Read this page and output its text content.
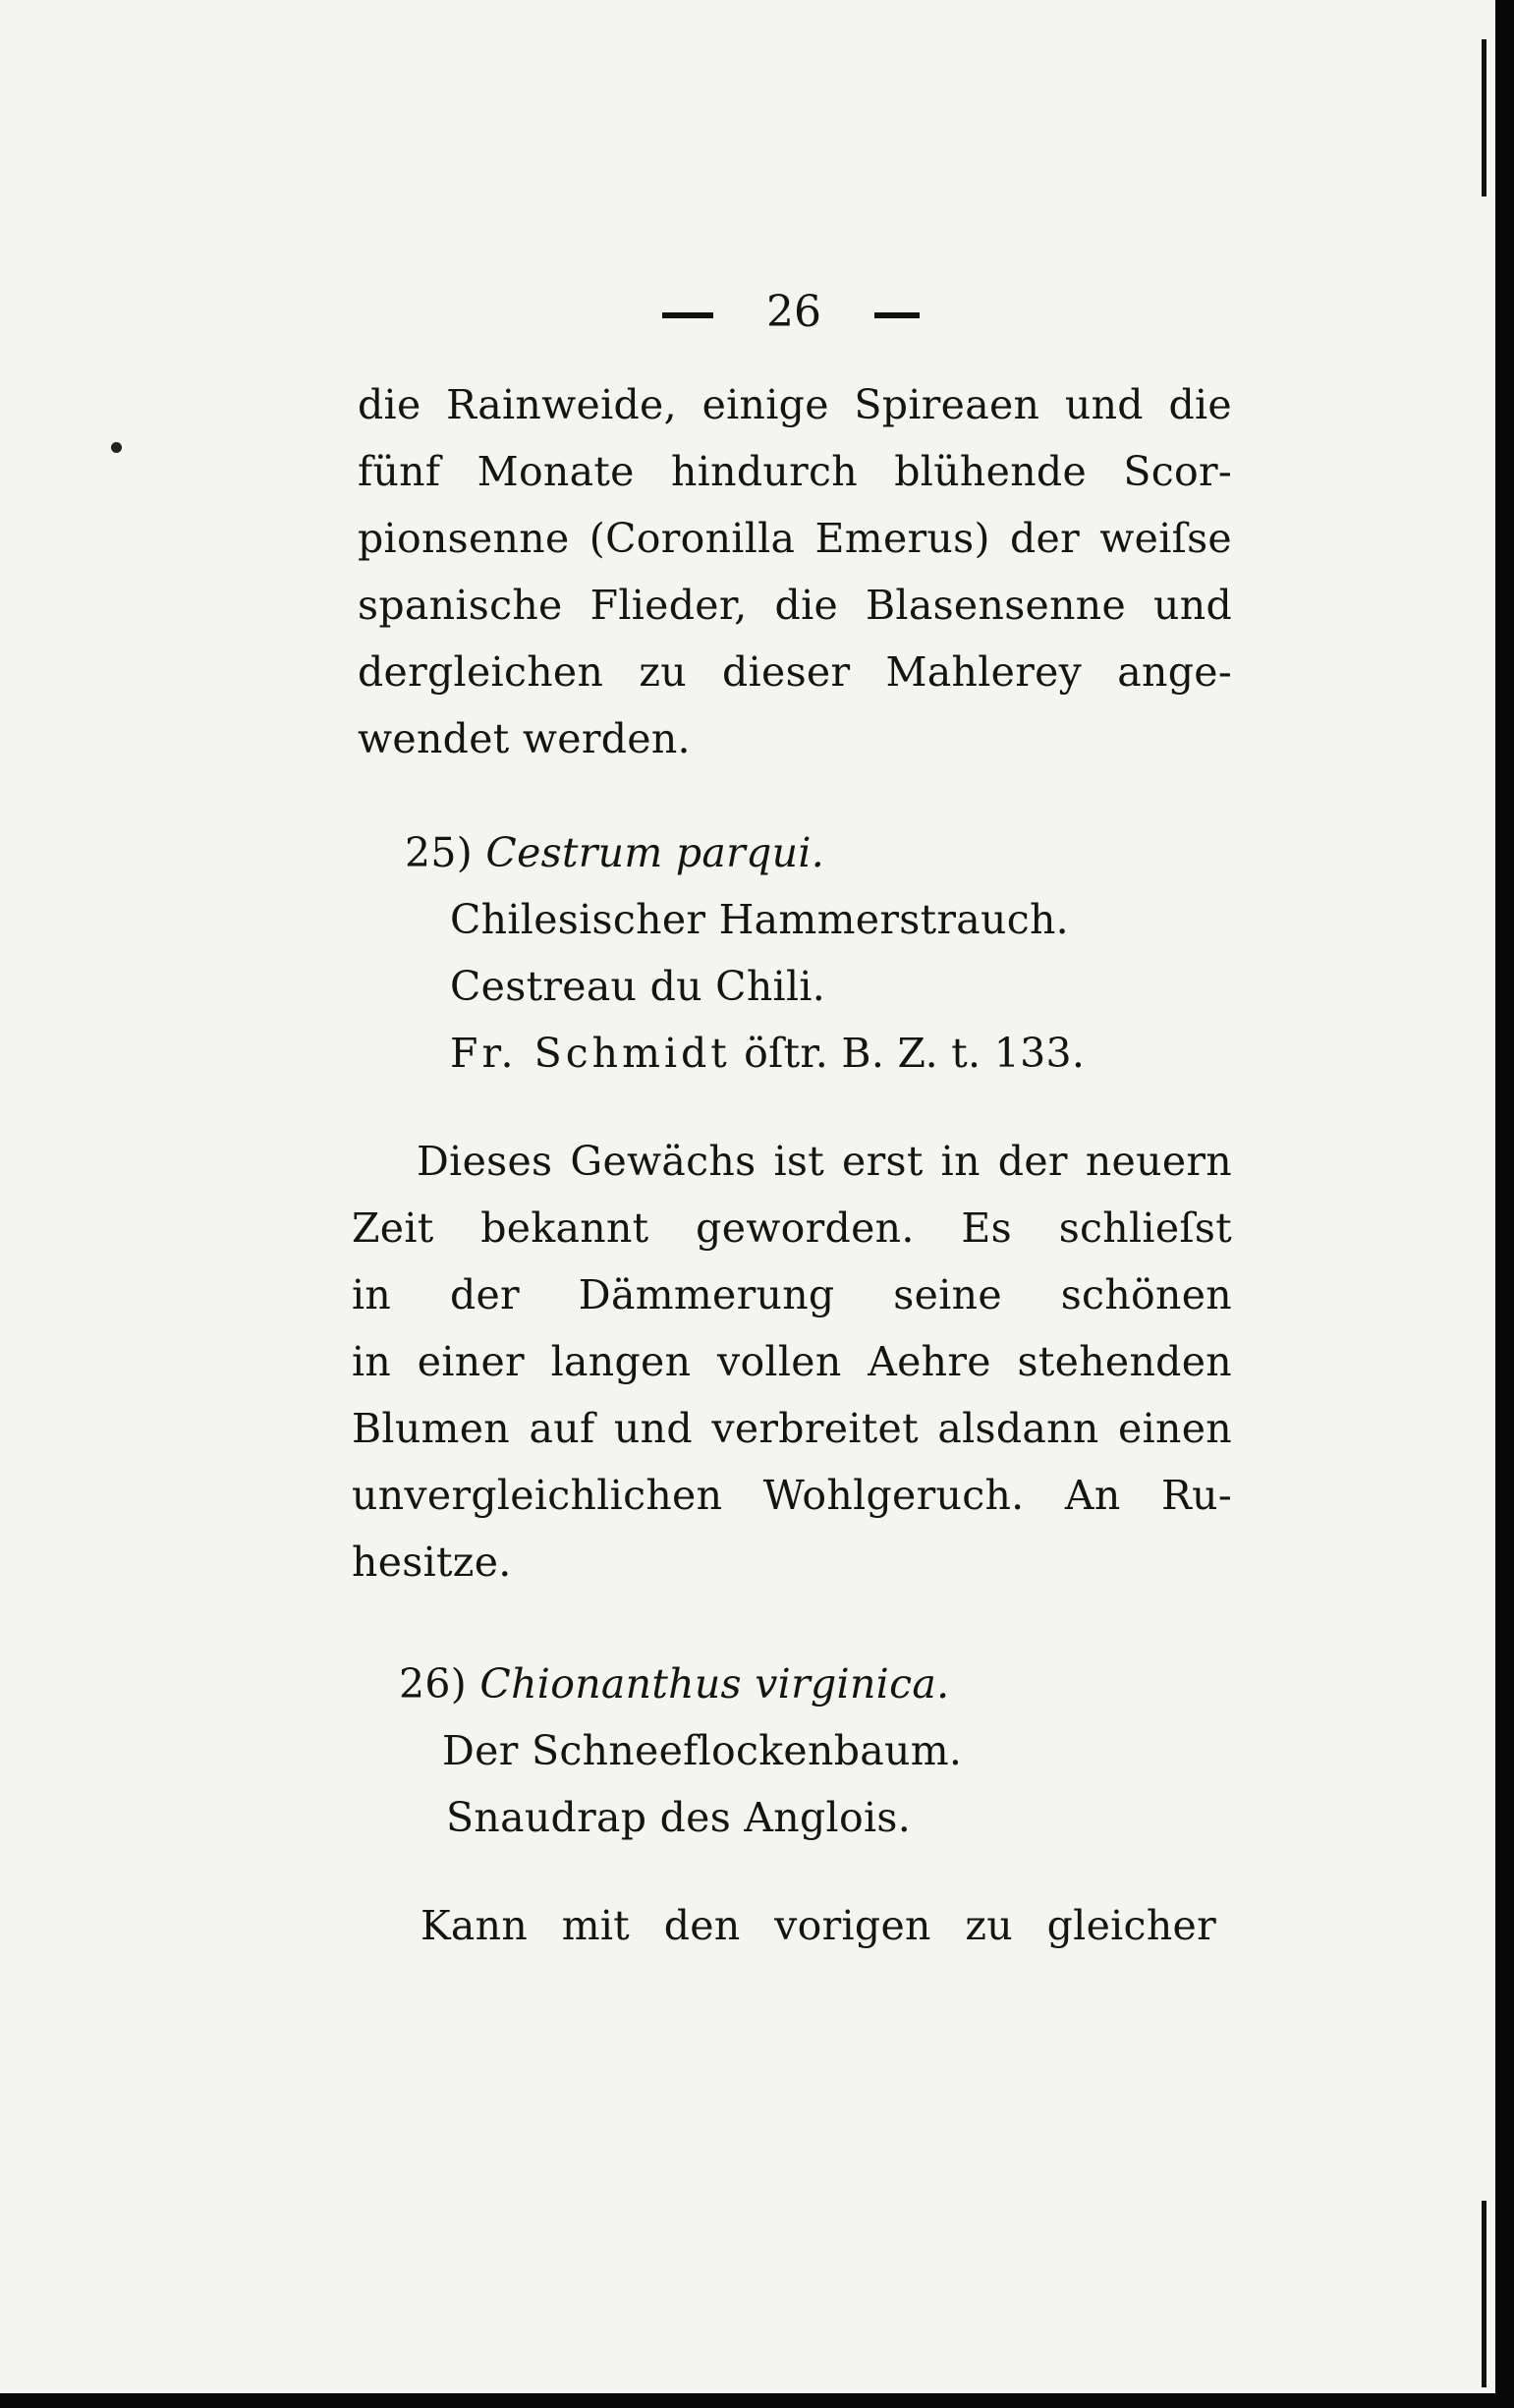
26
die Rainweide, einige Spireaen und die
fünf Monate hindurch blühende Scor-
pionsenne (Coronilla Emerus) der weiſse
spanische Flieder, die Blasensenne und
dergleichen zu dieser Mahlerey ange-
wendet werden.
25) Cestrum parqui.
Chilesischer Hammerstrauch.
Cestreau du Chili.
Fr. Schmidt öſtr. B. Z. t. 133.
Dieses Gewächs ist erst in der neuern
Zeit bekannt geworden. Es schlieſst
in der Dämmerung seine schönen
in einer langen vollen Aehre stehenden
Blumen auf und verbreitet alsdann einen
unvergleichlichen Wohlgeruch. An Ru-
hesitze.
26) Chionanthus virginica.
Der Schneeflockenbaum.
Snaudrap des Anglois.
Kann mit den vorigen zu gleicher
